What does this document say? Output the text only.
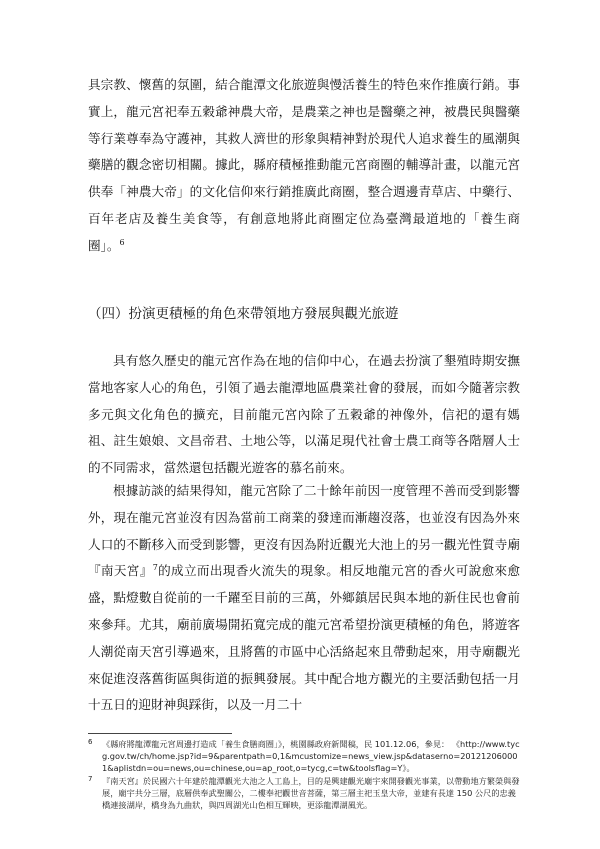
具宗教、懷舊的氛圍，結合龍潭文化旅遊與慢活養生的特色來作推廣行銷。事實上，龍元宮祀奉五穀爺神農大帝，是農業之神也是醫藥之神，被農民與醫藥等行業尊奉為守護神，其救人濟世的形象與精神對於現代人追求養生的風潮與藥膳的觀念密切相關。據此，縣府積極推動龍元宮商圈的輔導計畫，以龍元宮供奉「神農大帝」的文化信仰來行銷推廣此商圈，整合週邊青草店、中藥行、百年老店及養生美食等，有創意地將此商圈定位為臺灣最道地的「養生商圈」。$^6$

（四）扮演更積極的角色來帶領地方發展與觀光旅遊

具有悠久歷史的龍元宮作為在地的信仰中心，在過去扮演了墾殖時期安撫當地客家人心的角色，引領了過去龍潭地區農業社會的發展，而如今隨著宗教多元與文化角色的擴充，目前龍元宮內除了五穀爺的神像外，信祀的還有媽祖、註生娘娘、文昌帝君、土地公等，以滿足現代社會士農工商等各階層人士的不同需求，當然還包括觀光遊客的慕名前來。

根據訪談的結果得知，龍元宮除了二十餘年前因一度管理不善而受到影響外，現在龍元宮並沒有因為當前工商業的發達而漸趨沒落，也並沒有因為外來人口的不斷移入而受到影響，更沒有因為附近觀光大池上的另一觀光性質寺廟『南天宮』$^7$的成立而出現香火流失的現象。相反地龍元宮的香火可說愈來愈盛，點燈數自從前的一千躍至目前的三萬，外鄉鎮居民與本地的新住民也會前來參拜。尤其，廟前廣場開拓寬完成的龍元宮希望扮演更積極的角色，將遊客人潮從南天宮引導過來，且將舊的市區中心活絡起來且帶動起來，用寺廟觀光來促進沒落舊街區與街道的振興發展。其中配合地方觀光的主要活動包括一月十五日的迎財神與踩街，以及一月二十

6 《縣府將龍潭龍元宮周邊打造成「養生食膳商圈」》，桃園縣政府新聞稿，民 101.12.06，參見： 《http://www.tycg.gov.tw/ch/home.jsp?id=9&parentpath=0,1&mcustomize=news_view.jsp&dataserno=201212060001&aplistdn=ou=news,ou=chinese,ou=ap_root,o=tycg,c=tw&toolsflag=Y》。

7 『南天宮』於民國六十年建於龍潭觀光大池之人工島上，目的是興建觀光廟宇來開發觀光事業，以帶動地方繁榮與發展，廟宇共分三層，底層供奉武聖關公，二樓奉祀觀世音菩薩，第三層主祀玉皇大帝，並建有長達 150 公尺的忠義橋連接湖岸，橋身為九曲狀，與四周湖光山色相互輝映，更添龍潭湖風光。
